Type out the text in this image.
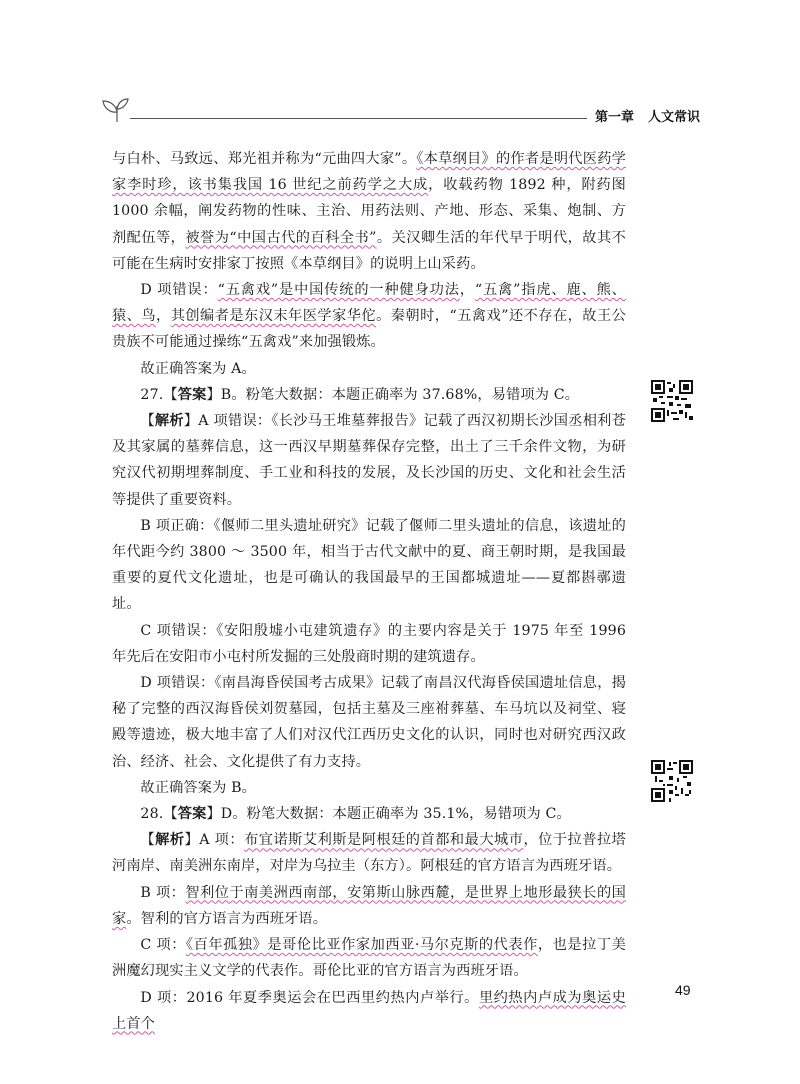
第一章 人文常识

与白朴、马致远、郑光祖并称为“元曲四大家”。《本草纲目》的作者是明代医药学家李时珍，该书集我国 16 世纪之前药学之大成，收载药物 1892 种，附药图 1000 余幅，阐发药物的性味、主治、用药法则、产地、形态、采集、炮制、方剂配伍等，被誉为“中国古代的百科全书”。关汉卿生活的年代早于明代，故其不可能在生病时安排家丁按照《本草纲目》的说明上山采药。

D 项错误：“五禽戏”是中国传统的一种健身功法，“五禽”指虎、鹿、熊、猿、鸟，其创编者是东汉末年医学家华佗。秦朝时，“五禽戏”还不存在，故王公贵族不可能通过操练“五禽戏”来加强锻炼。

故正确答案为 A。

27.【答案】B。粉笔大数据：本题正确率为 37.68%，易错项为 C。

【解析】A 项错误：《长沙马王堆墓葬报告》记载了西汉初期长沙国丞相利苍及其家属的墓葬信息，这一西汉早期墓葬保存完整，出土了三千余件文物，为研究汉代初期埋葬制度、手工业和科技的发展，及长沙国的历史、文化和社会生活等提供了重要资料。

B 项正确：《偃师二里头遗址研究》记载了偃师二里头遗址的信息，该遗址的年代距今约 3800 ～ 3500 年，相当于古代文献中的夏、商王朝时期，是我国最重要的夏代文化遗址，也是可确认的我国最早的王国都城遗址——夏都斟鄩遗址。

C 项错误：《安阳殷墟小屯建筑遗存》的主要内容是关于 1975 年至 1996 年先后在安阳市小屯村所发掘的三处殷商时期的建筑遗存。

D 项错误：《南昌海昏侯国考古成果》记载了南昌汉代海昏侯国遗址信息，揭秘了完整的西汉海昏侯刘贺墓园，包括主墓及三座祔葬墓、车马坑以及祠堂、寝殿等遗迹，极大地丰富了人们对汉代江西历史文化的认识，同时也对研究西汉政治、经济、社会、文化提供了有力支持。

故正确答案为 B。

28.【答案】D。粉笔大数据：本题正确率为 35.1%，易错项为 C。

【解析】A 项：布宜诺斯艾利斯是阿根廷的首都和最大城市，位于拉普拉塔河南岸、南美洲东南岸，对岸为乌拉圭（东方）。阿根廷的官方语言为西班牙语。

B 项：智利位于南美洲西南部，安第斯山脉西麓，是世界上地形最狭长的国家。智利的官方语言为西班牙语。

C 项：《百年孤独》是哥伦比亚作家加西亚·马尔克斯的代表作，也是拉丁美洲魔幻现实主义文学的代表作。哥伦比亚的官方语言为西班牙语。

D 项：2016 年夏季奥运会在巴西里约热内卢举行。里约热内卢成为奥运史上首个

49
